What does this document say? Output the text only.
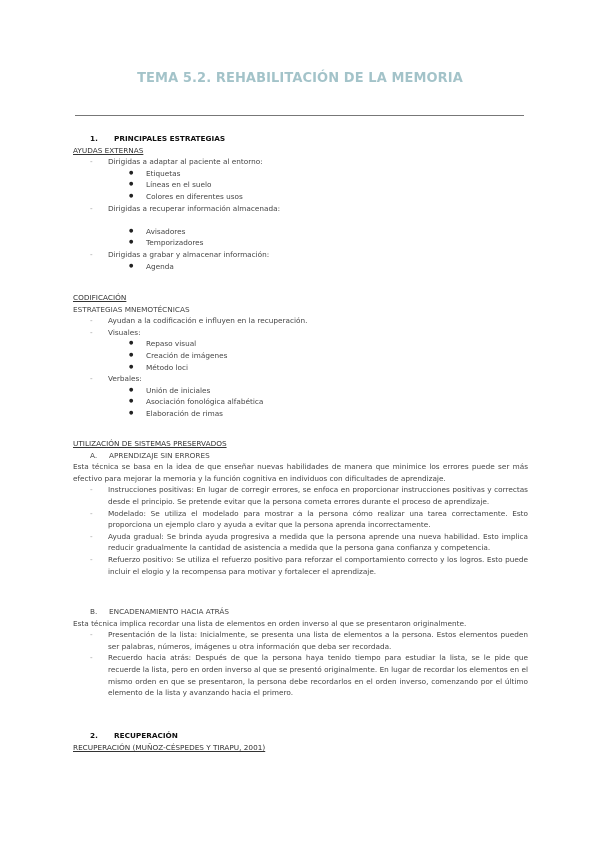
TEMA 5.2. REHABILITACIÓN DE LA MEMORIA
1. PRINCIPALES ESTRATEGIAS
AYUDAS EXTERNAS
- Dirigidas a adaptar al paciente al entorno:
● Etiquetas
● Líneas en el suelo
● Colores en diferentes usos
- Dirigidas a recuperar información almacenada:
● Avisadores
● Temporizadores
- Dirigidas a grabar y almacenar información:
● Agenda
CODIFICACIÓN
ESTRATEGIAS MNEMOTÉCNICAS
- Ayudan a la codificación e influyen en la recuperación.
- Visuales:
● Repaso visual
● Creación de imágenes
● Método loci
- Verbales:
● Unión de iniciales
● Asociación fonológica alfabética
● Elaboración de rimas
UTILIZACIÓN DE SISTEMAS PRESERVADOS
A. APRENDIZAJE SIN ERRORES
Esta técnica se basa en la idea de que enseñar nuevas habilidades de manera que minimice los errores puede ser más efectivo para mejorar la memoria y la función cognitiva en individuos con dificultades de aprendizaje.
- Instrucciones positivas: En lugar de corregir errores, se enfoca en proporcionar instrucciones positivas y correctas desde el principio. Se pretende evitar que la persona cometa errores durante el proceso de aprendizaje.
- Modelado: Se utiliza el modelado para mostrar a la persona cómo realizar una tarea correctamente. Esto proporciona un ejemplo claro y ayuda a evitar que la persona aprenda incorrectamente.
- Ayuda gradual: Se brinda ayuda progresiva a medida que la persona aprende una nueva habilidad. Esto implica reducir gradualmente la cantidad de asistencia a medida que la persona gana confianza y competencia.
- Refuerzo positivo: Se utiliza el refuerzo positivo para reforzar el comportamiento correcto y los logros. Esto puede incluir el elogio y la recompensa para motivar y fortalecer el aprendizaje.
B. ENCADENAMIENTO HACIA ATRÁS
Esta técnica implica recordar una lista de elementos en orden inverso al que se presentaron originalmente.
- Presentación de la lista: Inicialmente, se presenta una lista de elementos a la persona. Estos elementos pueden ser palabras, números, imágenes u otra información que deba ser recordada.
- Recuerdo hacia atrás: Después de que la persona haya tenido tiempo para estudiar la lista, se le pide que recuerde la lista, pero en orden inverso al que se presentó originalmente. En lugar de recordar los elementos en el mismo orden en que se presentaron, la persona debe recordarlos en el orden inverso, comenzando por el último elemento de la lista y avanzando hacia el primero.
2. RECUPERACIÓN
RECUPERACIÓN (MUÑOZ-CÉSPEDES Y TIRAPU, 2001)
